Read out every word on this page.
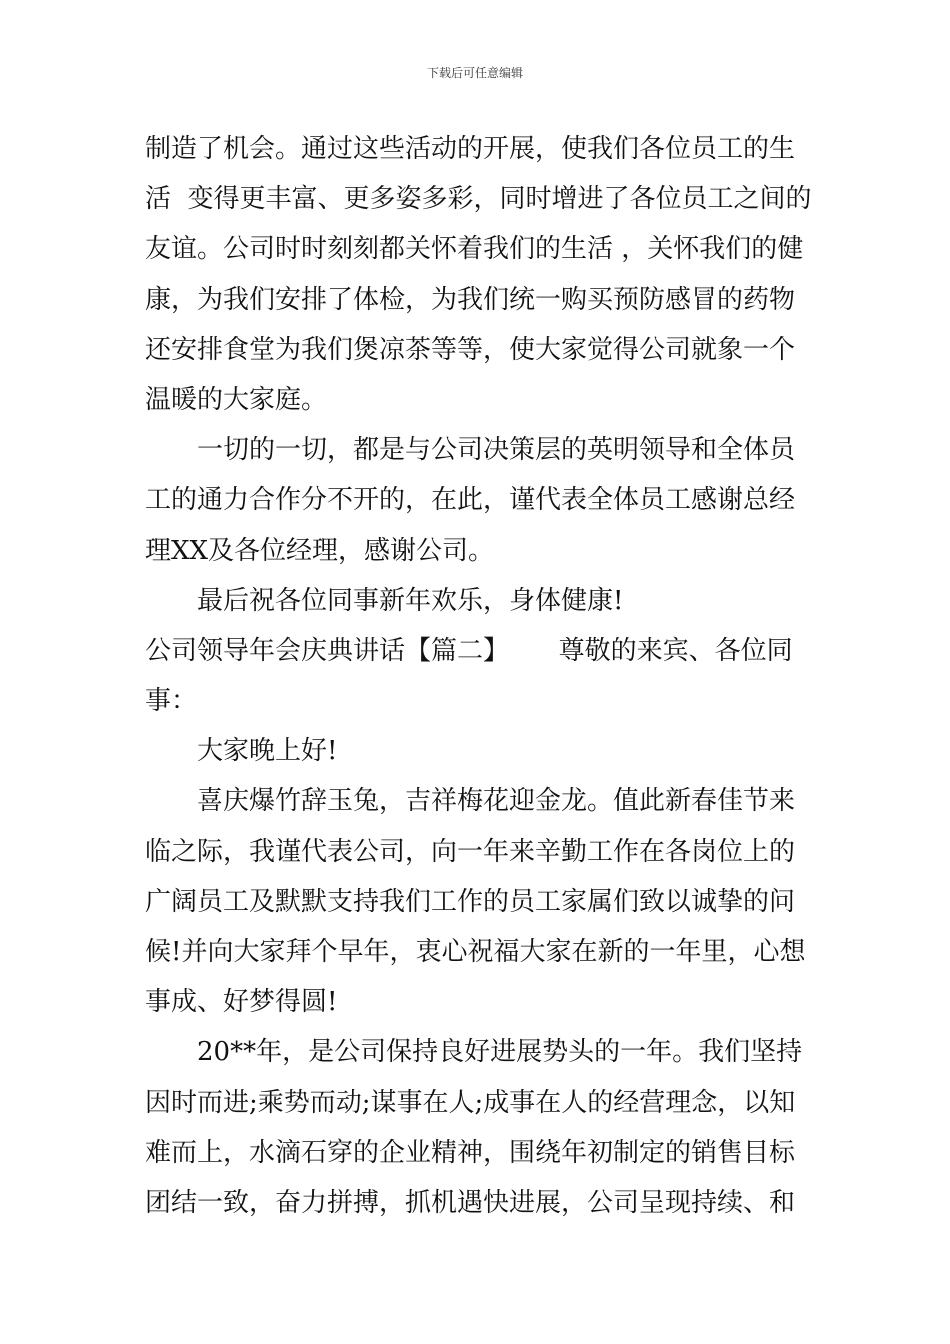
下载后可任意编辑
制造了机会。通过这些活动的开展，使我们各位员工的生
活  变得更丰富、更多姿多彩，同时增进了各位员工之间的
友谊。公司时时刻刻都关怀着我们的生活 ，关怀我们的健
康，为我们安排了体检，为我们统一购买预防感冒的药物
还安排食堂为我们煲凉茶等等，使大家觉得公司就象一个
温暖的大家庭。
一切的一切，都是与公司决策层的英明领导和全体员
工的通力合作分不开的，在此，谨代表全体员工感谢总经
理XX及各位经理，感谢公司。
最后祝各位同事新年欢乐，身体健康!
公司领导年会庆典讲话【篇二】      尊敬的来宾、各位同
事：
大家晚上好!
喜庆爆竹辞玉兔，吉祥梅花迎金龙。值此新春佳节来
临之际，我谨代表公司，向一年来辛勤工作在各岗位上的
广阔员工及默默支持我们工作的员工家属们致以诚挚的问
候!并向大家拜个早年，衷心祝福大家在新的一年里，心想
事成、好梦得圆!
20**年，是公司保持良好进展势头的一年。我们坚持
因时而进;乘势而动;谋事在人;成事在人的经营理念，以知
难而上，水滴石穿的企业精神，围绕年初制定的销售目标
团结一致，奋力拼搏，抓机遇快进展，公司呈现持续、和
